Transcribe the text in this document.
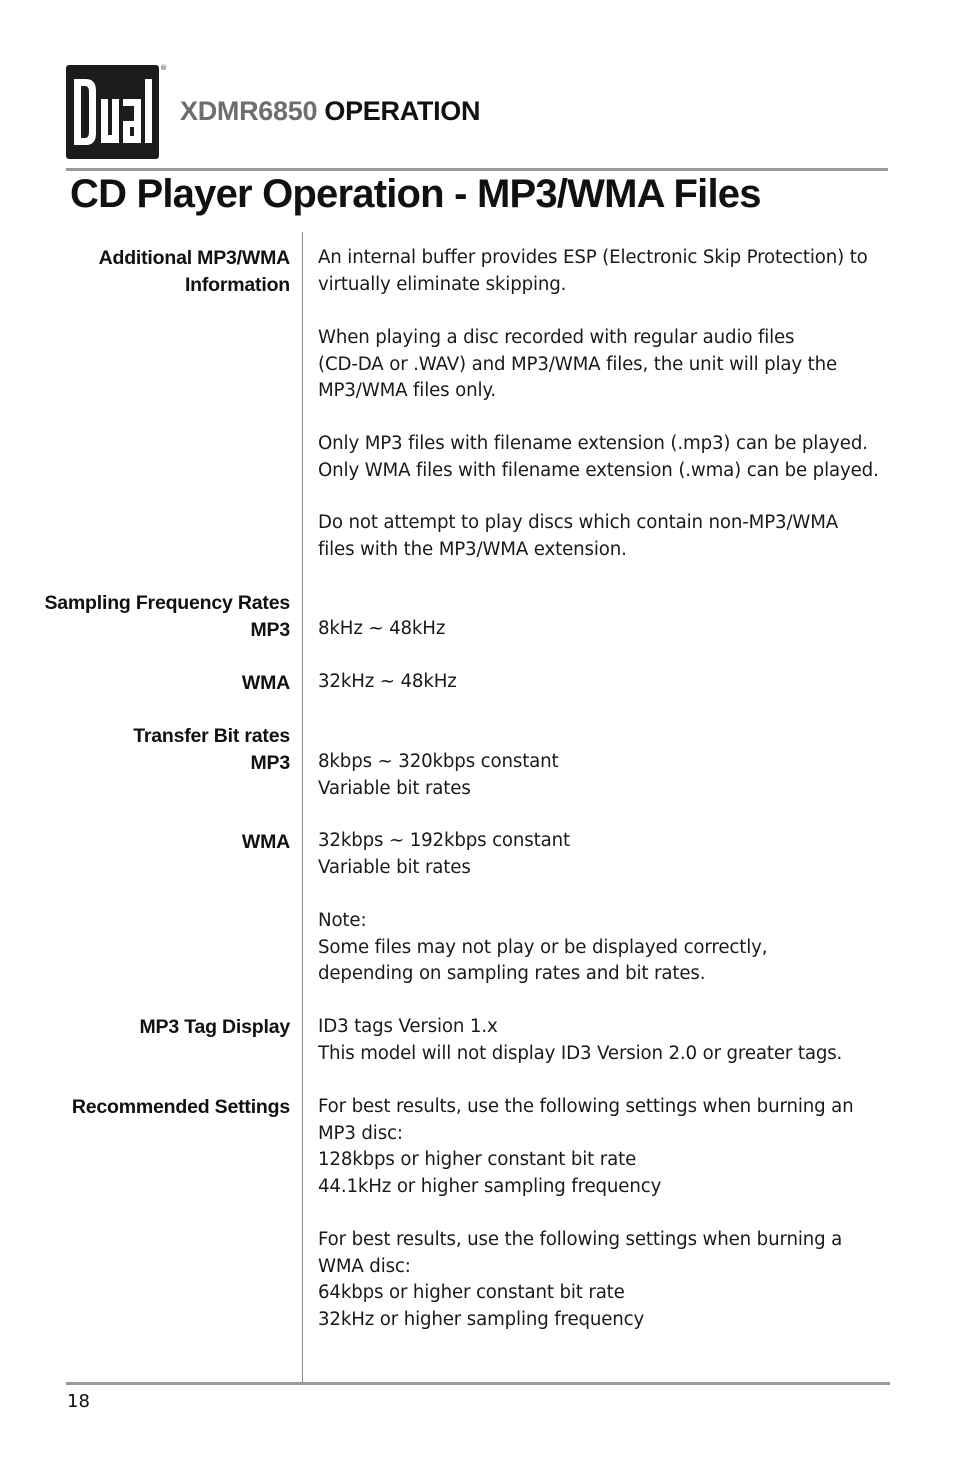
®
XDMR6850 OPERATION
CD Player Operation - MP3/WMA Files
Additional MP3/WMA
Information
Sampling Frequency Rates
MP3
WMA
Transfer Bit rates
MP3
WMA
MP3 Tag Display
Recommended Settings
An internal buffer provides ESP (Electronic Skip Protection) to
virtually eliminate skipping.
When playing a disc recorded with regular audio files
(CD-DA or .WAV) and MP3/WMA files, the unit will play the
MP3/WMA files only.
Only MP3 files with filename extension (.mp3) can be played.
Only WMA files with filename extension (.wma) can be played.
Do not attempt to play discs which contain non-MP3/WMA
files with the MP3/WMA extension.
8kHz ~ 48kHz
32kHz ~ 48kHz
8kbps ~ 320kbps constant
Variable bit rates
32kbps ~ 192kbps constant
Variable bit rates
Note:
Some files may not play or be displayed correctly,
depending on sampling rates and bit rates.
ID3 tags Version 1.x
This model will not display ID3 Version 2.0 or greater tags.
For best results, use the following settings when burning an
MP3 disc:
128kbps or higher constant bit rate
44.1kHz or higher sampling frequency
For best results, use the following settings when burning a
WMA disc:
64kbps or higher constant bit rate
32kHz or higher sampling frequency
18
